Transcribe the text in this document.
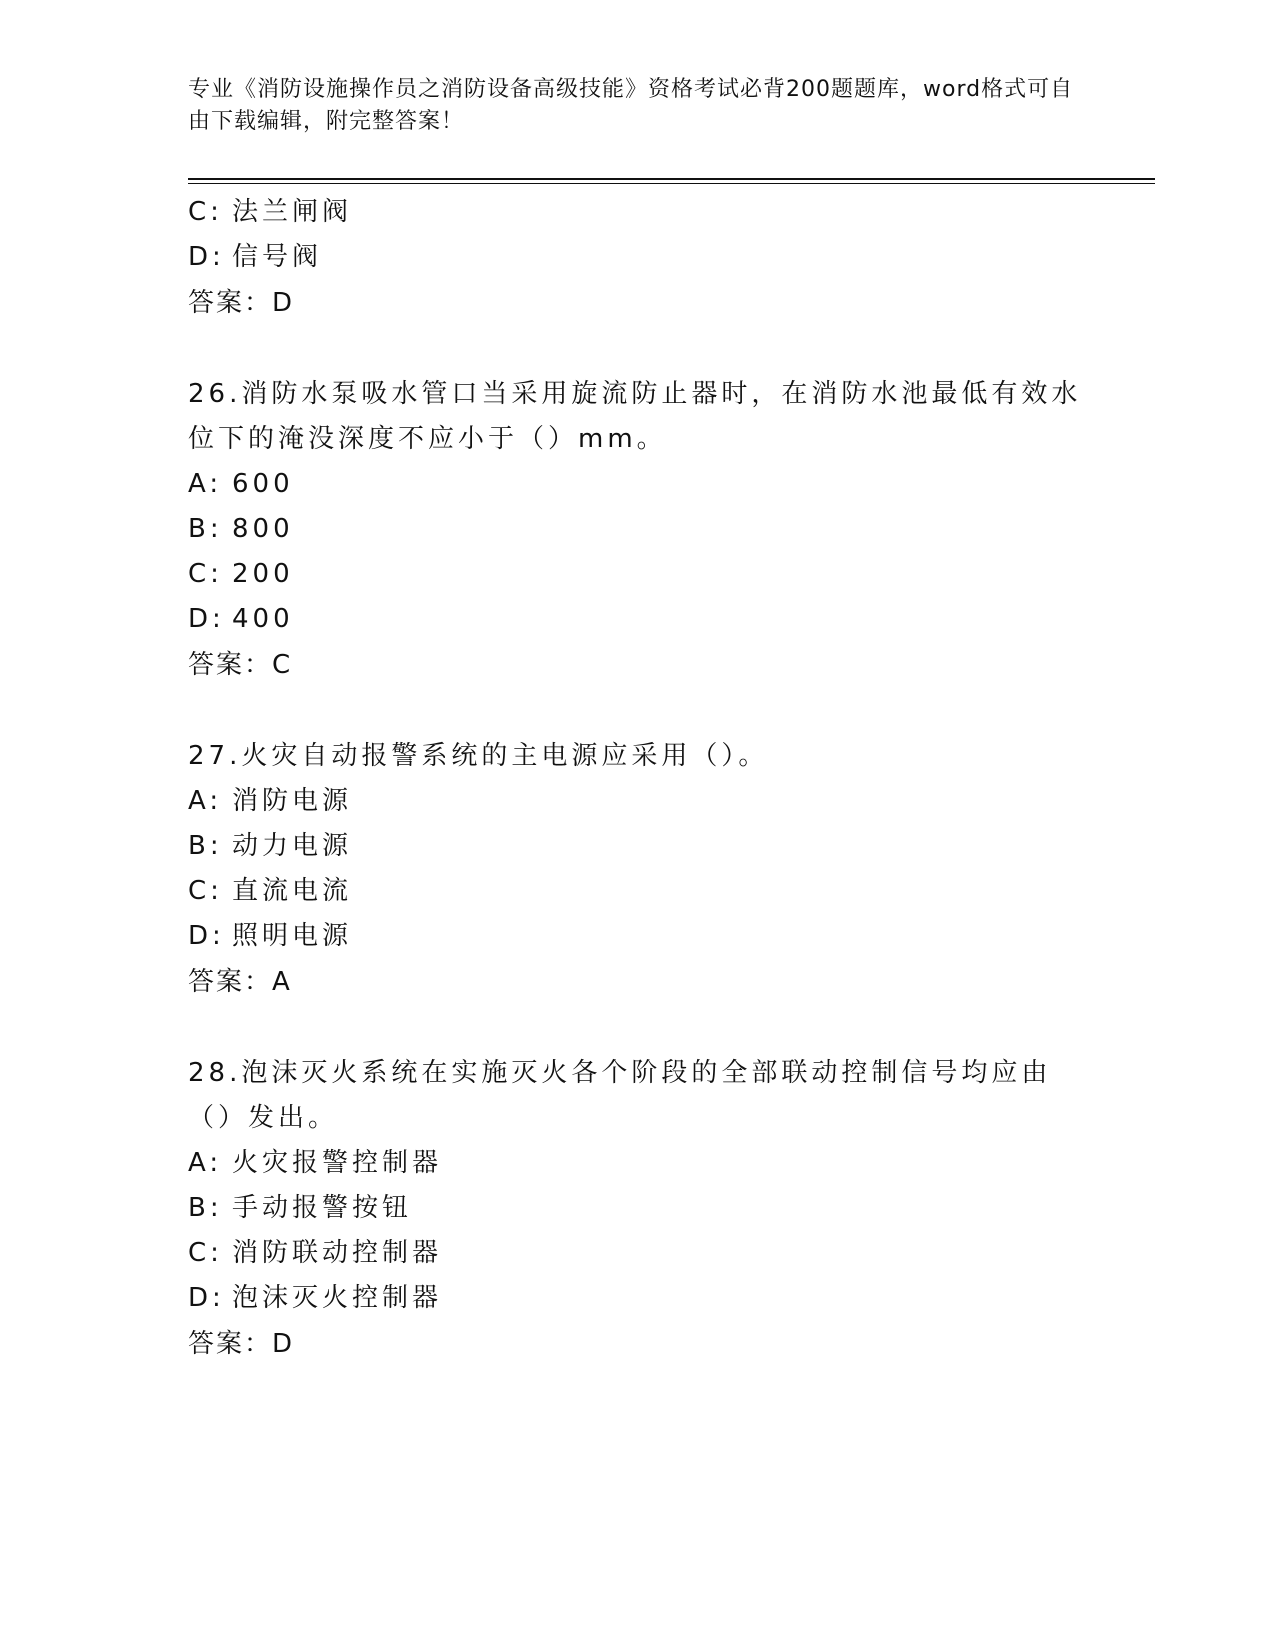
专业《消防设施操作员之消防设备高级技能》资格考试必背200题题库，word格式可自由下载编辑，附完整答案！
C: 法兰闸阀
D: 信号阀
答案：D
26.消防水泵吸水管口当采用旋流防止器时，在消防水池最低有效水位下的淹没深度不应小于（）mm。
A: 600
B: 800
C: 200
D: 400
答案：C
27.火灾自动报警系统的主电源应采用（）。
A: 消防电源
B: 动力电源
C: 直流电流
D: 照明电源
答案：A
28.泡沫灭火系统在实施灭火各个阶段的全部联动控制信号均应由（）发出。
A: 火灾报警控制器
B: 手动报警按钮
C: 消防联动控制器
D: 泡沫灭火控制器
答案：D
